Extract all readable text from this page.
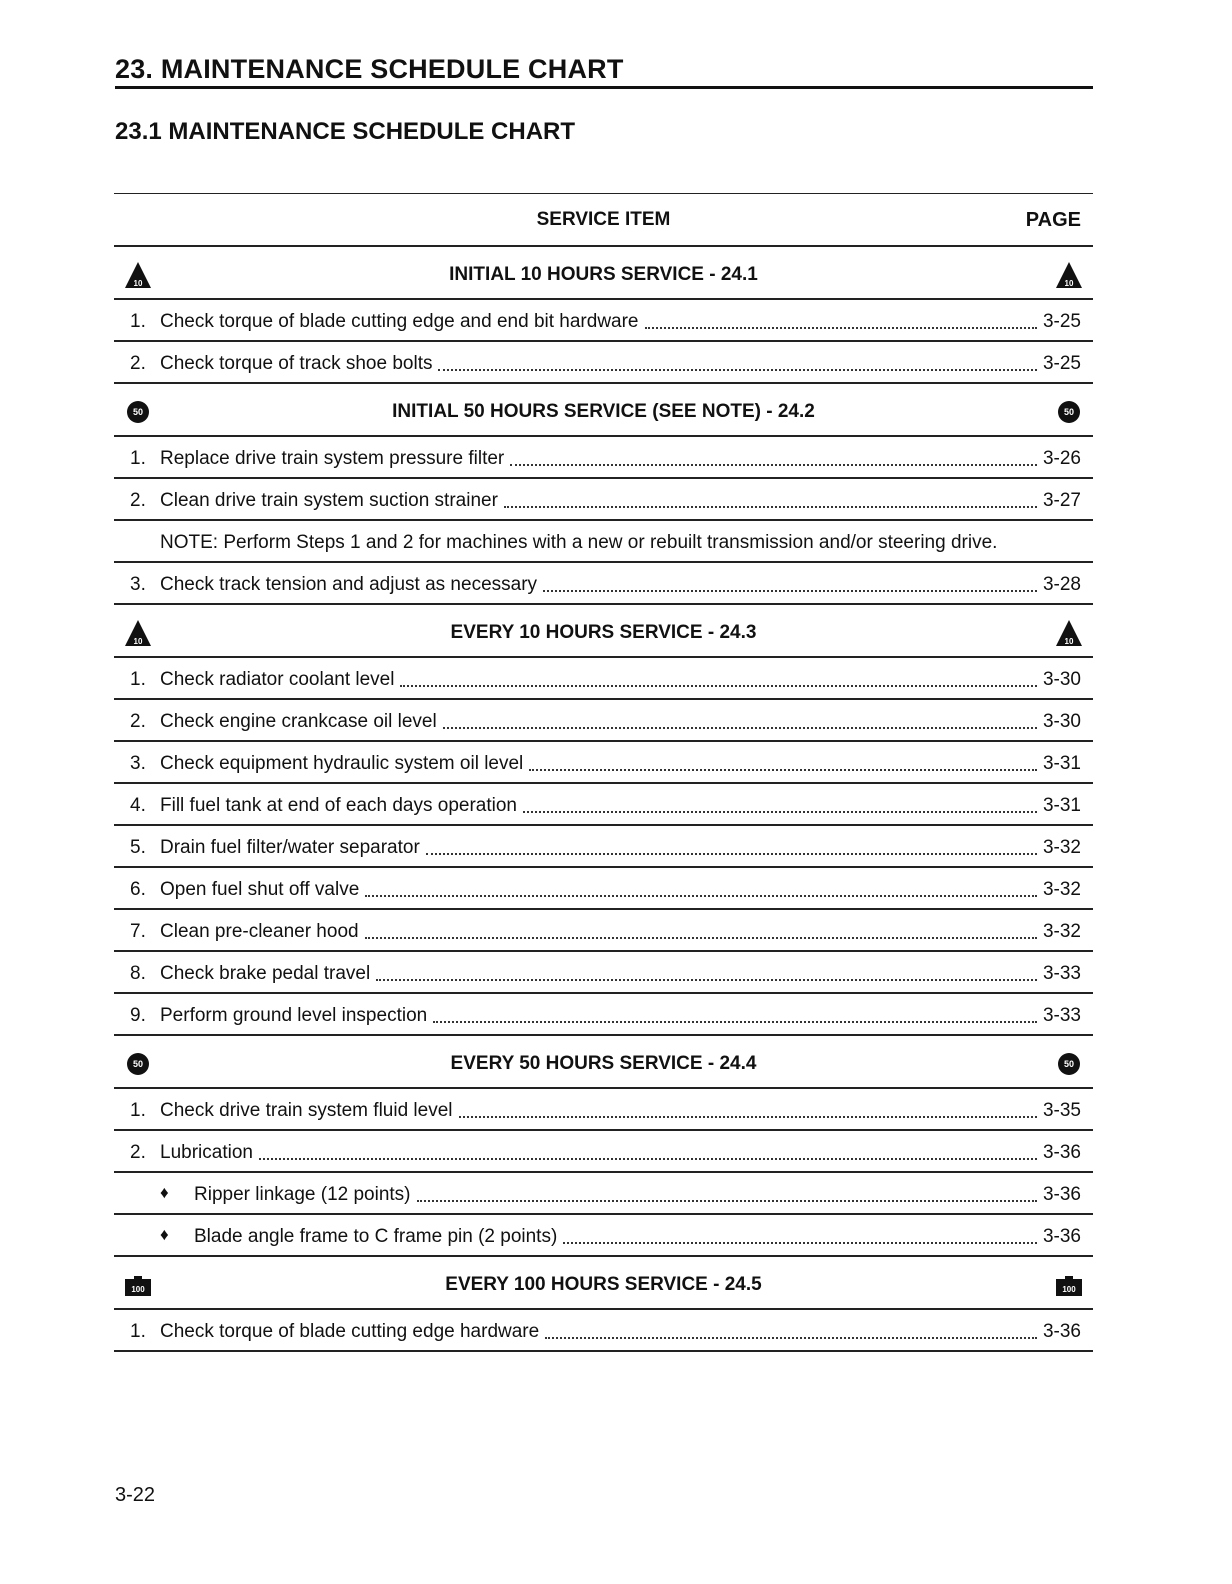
23. MAINTENANCE SCHEDULE CHART
23.1 MAINTENANCE SCHEDULE CHART
SERVICE ITEM	PAGE
10	INITIAL 10 HOURS SERVICE - 24.1	10
1. Check torque of blade cutting edge and end bit hardware	3-25
2. Check torque of track shoe bolts	3-25
50	INITIAL 50 HOURS SERVICE (SEE NOTE) - 24.2	50
1. Replace drive train system pressure filter	3-26
2. Clean drive train system suction strainer	3-27
NOTE: Perform Steps 1 and 2 for machines with a new or rebuilt transmission and/or steering drive.
3. Check track tension and adjust as necessary	3-28
10	EVERY 10 HOURS SERVICE - 24.3	10
1. Check radiator coolant level	3-30
2. Check engine crankcase oil level	3-30
3. Check equipment hydraulic system oil level	3-31
4. Fill fuel tank at end of each days operation	3-31
5. Drain fuel filter/water separator	3-32
6. Open fuel shut off valve	3-32
7. Clean pre-cleaner hood	3-32
8. Check brake pedal travel	3-33
9. Perform ground level inspection	3-33
50	EVERY 50 HOURS SERVICE - 24.4	50
1. Check drive train system fluid level	3-35
2. Lubrication	3-36
♦ Ripper linkage (12 points)	3-36
♦ Blade angle frame to C frame pin (2 points)	3-36
100	EVERY 100 HOURS SERVICE - 24.5	100
1. Check torque of blade cutting edge hardware	3-36
3-22
